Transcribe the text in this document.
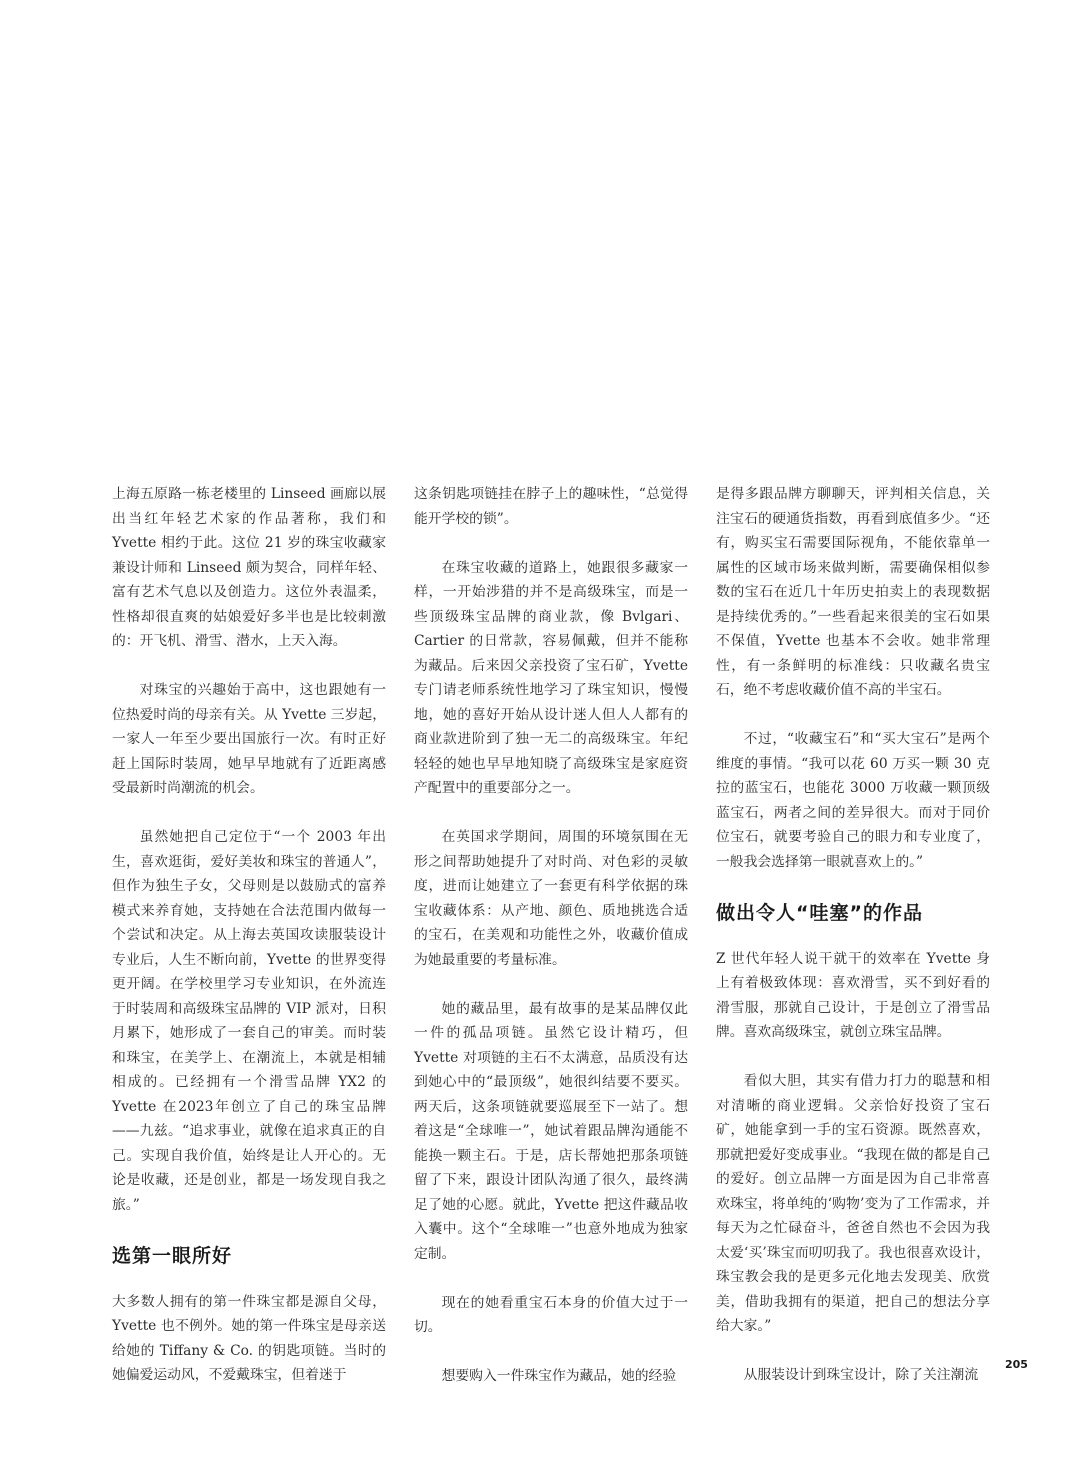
上海五原路一栋老楼里的 Linseed 画廊以展出当红年轻艺术家的作品著称，我们和 Yvette 相约于此。这位 21 岁的珠宝收藏家兼设计师和 Linseed 颇为契合，同样年轻、富有艺术气息以及创造力。这位外表温柔，性格却很直爽的姑娘爱好多半也是比较刺激的：开飞机、滑雪、潜水，上天入海。

对珠宝的兴趣始于高中，这也跟她有一位热爱时尚的母亲有关。从 Yvette 三岁起，一家人一年至少要出国旅行一次。有时正好赶上国际时装周，她早早地就有了近距离感受最新时尚潮流的机会。

虽然她把自己定位于“一个 2003 年出生，喜欢逛街，爱好美妆和珠宝的普通人”，但作为独生子女，父母则是以鼓励式的富养模式来养育她，支持她在合法范围内做每一个尝试和决定。从上海去英国攻读服装设计专业后，人生不断向前，Yvette 的世界变得更开阔。在学校里学习专业知识，在外流连于时装周和高级珠宝品牌的 VIP 派对，日积月累下，她形成了一套自己的审美。而时装和珠宝，在美学上、在潮流上，本就是相辅相成的。已经拥有一个滑雪品牌 YX2 的 Yvette 在2023年创立了自己的珠宝品牌——九兹。“追求事业，就像在追求真正的自己。实现自我价值，始终是让人开心的。无论是收藏，还是创业，都是一场发现自我之旅。”

选第一眼所好

大多数人拥有的第一件珠宝都是源自父母，Yvette 也不例外。她的第一件珠宝是母亲送给她的 Tiffany & Co. 的钥匙项链。当时的她偏爱运动风，不爱戴珠宝，但着迷于

这条钥匙项链挂在脖子上的趣味性，“总觉得能开学校的锁”。

在珠宝收藏的道路上，她跟很多藏家一样，一开始涉猎的并不是高级珠宝，而是一些顶级珠宝品牌的商业款，像 Bvlgari、Cartier 的日常款，容易佩戴，但并不能称为藏品。后来因父亲投资了宝石矿，Yvette 专门请老师系统性地学习了珠宝知识，慢慢地，她的喜好开始从设计迷人但人人都有的商业款进阶到了独一无二的高级珠宝。年纪轻轻的她也早早地知晓了高级珠宝是家庭资产配置中的重要部分之一。

在英国求学期间，周围的环境氛围在无形之间帮助她提升了对时尚、对色彩的灵敏度，进而让她建立了一套更有科学依据的珠宝收藏体系：从产地、颜色、质地挑选合适的宝石，在美观和功能性之外，收藏价值成为她最重要的考量标准。

她的藏品里，最有故事的是某品牌仅此一件的孤品项链。虽然它设计精巧，但 Yvette 对项链的主石不太满意，品质没有达到她心中的“最顶级”，她很纠结要不要买。两天后，这条项链就要巡展至下一站了。想着这是“全球唯一”，她试着跟品牌沟通能不能换一颗主石。于是，店长帮她把那条项链留了下来，跟设计团队沟通了很久，最终满足了她的心愿。就此，Yvette 把这件藏品收入囊中。这个“全球唯一”也意外地成为独家定制。

现在的她看重宝石本身的价值大过于一切。

想要购入一件珠宝作为藏品，她的经验

是得多跟品牌方聊聊天，评判相关信息，关注宝石的硬通货指数，再看到底值多少。“还有，购买宝石需要国际视角，不能依靠单一属性的区域市场来做判断，需要确保相似参数的宝石在近几十年历史拍卖上的表现数据是持续优秀的。”一些看起来很美的宝石如果不保值，Yvette 也基本不会收。她非常理性，有一条鲜明的标准线：只收藏名贵宝石，绝不考虑收藏价值不高的半宝石。

不过，“收藏宝石”和“买大宝石”是两个维度的事情。“我可以花 60 万买一颗 30 克拉的蓝宝石，也能花 3000 万收藏一颗顶级蓝宝石，两者之间的差异很大。而对于同价位宝石，就要考验自己的眼力和专业度了，一般我会选择第一眼就喜欢上的。”

做出令人“哇塞”的作品

Z 世代年轻人说干就干的效率在 Yvette 身上有着极致体现：喜欢滑雪，买不到好看的滑雪服，那就自己设计，于是创立了滑雪品牌。喜欢高级珠宝，就创立珠宝品牌。

看似大胆，其实有借力打力的聪慧和相对清晰的商业逻辑。父亲恰好投资了宝石矿，她能拿到一手的宝石资源。既然喜欢，那就把爱好变成事业。“我现在做的都是自己的爱好。创立品牌一方面是因为自己非常喜欢珠宝，将单纯的‘购物’变为了工作需求，并每天为之忙碌奋斗，爸爸自然也不会因为我太爱‘买’珠宝而叨叨我了。我也很喜欢设计，珠宝教会我的是更多元化地去发现美、欣赏美，借助我拥有的渠道，把自己的想法分享给大家。”

从服装设计到珠宝设计，除了关注潮流

205
